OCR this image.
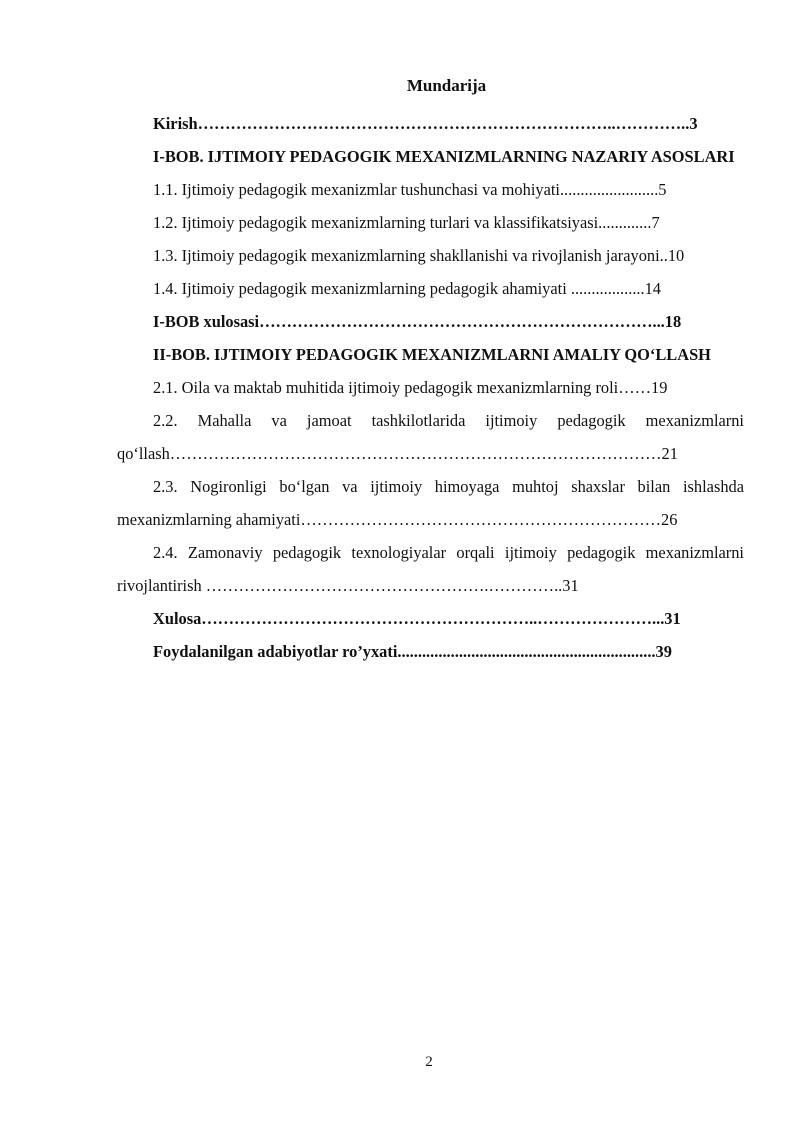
Mundarija

Kirish…………………………………………………………………..…………..3

I-BOB. IJTIMOIY PEDAGOGIK MEXANIZMLARNING NAZARIY ASOSLARI

1.1. Ijtimoiy pedagogik mexanizmlar tushunchasi va mohiyati........................5

1.2. Ijtimoiy pedagogik mexanizmlarning turlari va klassifikatsiyasi.............7

1.3. Ijtimoiy pedagogik mexanizmlarning shakllanishi va rivojlanish jarayoni..10

1.4. Ijtimoiy pedagogik mexanizmlarning pedagogik ahamiyati ..................14

I-BOB xulosasi………………………………………………………………...18

II-BOB. IJTIMOIY PEDAGOGIK MEXANIZMLARNI AMALIY QO‘LLASH

2.1. Oila va maktab muhitida ijtimoiy pedagogik mexanizmlarning roli……19

2.2. Mahalla va jamoat tashkilotlarida ijtimoiy pedagogik mexanizmlarni qo‘llash………………………………………………………………………………21

2.3. Nogironligi bo‘lgan va ijtimoiy himoyaga muhtoj shaxslar bilan ishlashda mexanizmlarning ahamiyati…………………………………………………………26

2.4. Zamonaviy pedagogik texnologiyalar orqali ijtimoiy pedagogik mexanizmlarni rivojlantirish …………………………………………….…………..31

Xulosa……………………………………………………..…………………...31

Foydalanilgan adabiyotlar ro’yxati...............................................................39

2
